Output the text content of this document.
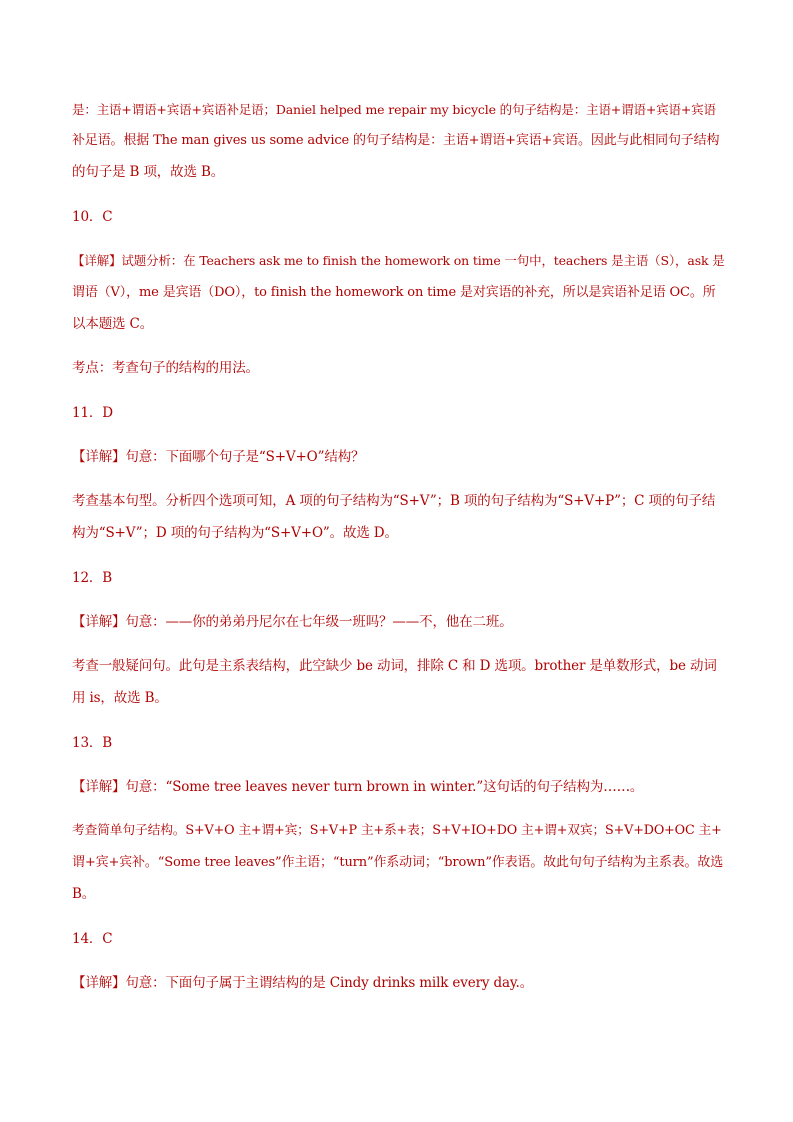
是：主语+谓语+宾语+宾语补足语；Daniel helped me repair my bicycle 的句子结构是：主语+谓语+宾语+宾语
补足语。根据 The man gives us some advice 的句子结构是：主语+谓语+宾语+宾语。因此与此相同句子结构
的句子是 B 项，故选 B。
10．C
【详解】试题分析：在 Teachers ask me to finish the homework on time 一句中，teachers 是主语（S），ask 是
谓语（V），me 是宾语（DO），to finish the homework on time 是对宾语的补充，所以是宾语补足语 OC。所
以本题选 C。
考点：考查句子的结构的用法。
11．D
【详解】句意：下面哪个句子是“S+V+O”结构？
考查基本句型。分析四个选项可知，A 项的句子结构为“S+V”；B 项的句子结构为“S+V+P”；C 项的句子结
构为“S+V”；D 项的句子结构为“S+V+O”。故选 D。
12．B
【详解】句意：——你的弟弟丹尼尔在七年级一班吗？——不，他在二班。
考查一般疑问句。此句是主系表结构，此空缺少 be 动词，排除 C 和 D 选项。brother 是单数形式，be 动词
用 is，故选 B。
13．B
【详解】句意：“Some tree leaves never turn brown in winter.”这句话的句子结构为……。
考查简单句子结构。S+V+O 主+谓+宾；S+V+P 主+系+表；S+V+IO+DO 主+谓+双宾；S+V+DO+OC 主+
谓+宾+宾补。“Some tree leaves”作主语；“turn”作系动词；“brown”作表语。故此句句子结构为主系表。故选
B。
14．C
【详解】句意：下面句子属于主谓结构的是 Cindy drinks milk every day.。
